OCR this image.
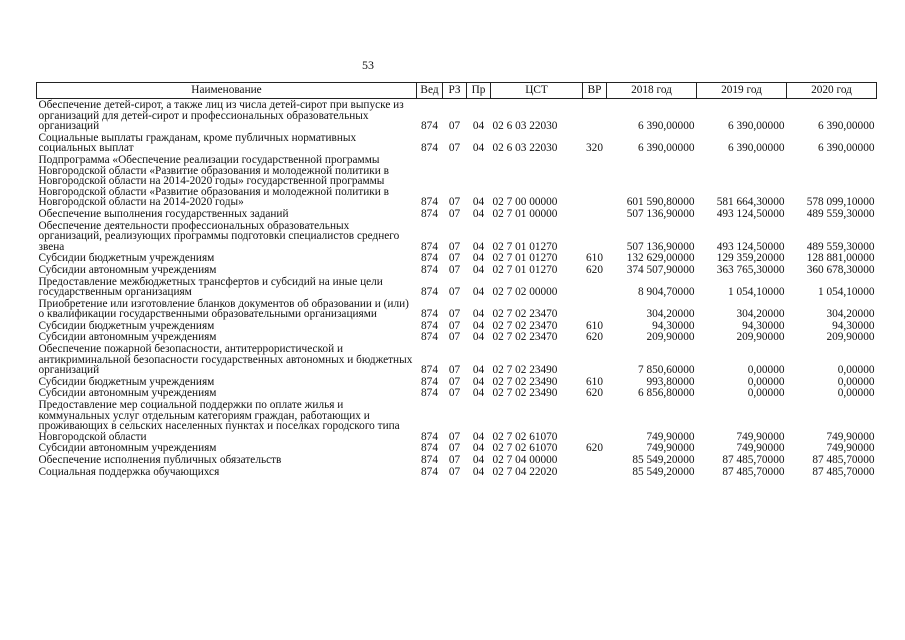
53
Наименование	Вед	РЗ	Пр	ЦСТ	ВР	2018 год	2019 год	2020 год
Обеспечение детей-сирот, а также лиц из числа детей-сирот при выпуске из организаций для детей-сирот и профессиональных образовательных организаций	874	07	04	02 6 03 22030		6 390,00000	6 390,00000	6 390,00000
Социальные выплаты гражданам, кроме публичных нормативных социальных выплат	874	07	04	02 6 03 22030	320	6 390,00000	6 390,00000	6 390,00000
Подпрограмма «Обеспечение реализации государственной программы Новгородской области «Развитие образования и молодежной политики в Новгородской области на 2014-2020 годы» государственной программы Новгородской области «Развитие образования и молодежной политики в Новгородской области на 2014-2020 годы»	874	07	04	02 7 00 00000		601 590,80000	581 664,30000	578 099,10000
Обеспечение выполнения государственных заданий	874	07	04	02 7 01 00000		507 136,90000	493 124,50000	489 559,30000
Обеспечение деятельности профессиональных образовательных организаций, реализующих программы подготовки специалистов среднего звена	874	07	04	02 7 01 01270		507 136,90000	493 124,50000	489 559,30000
Субсидии бюджетным учреждениям	874	07	04	02 7 01 01270	610	132 629,00000	129 359,20000	128 881,00000
Субсидии автономным учреждениям	874	07	04	02 7 01 01270	620	374 507,90000	363 765,30000	360 678,30000
Предоставление межбюджетных трансфертов и субсидий на иные цели государственным организациям	874	07	04	02 7 02 00000		8 904,70000	1 054,10000	1 054,10000
Приобретение или изготовление бланков документов об образовании и (или) о квалификации государственными образовательными организациями	874	07	04	02 7 02 23470		304,20000	304,20000	304,20000
Субсидии бюджетным учреждениям	874	07	04	02 7 02 23470	610	94,30000	94,30000	94,30000
Субсидии автономным учреждениям	874	07	04	02 7 02 23470	620	209,90000	209,90000	209,90000
Обеспечение пожарной безопасности, антитеррористической и антикриминальной безопасности государственных автономных и бюджетных организаций	874	07	04	02 7 02 23490		7 850,60000	0,00000	0,00000
Субсидии бюджетным учреждениям	874	07	04	02 7 02 23490	610	993,80000	0,00000	0,00000
Субсидии автономным учреждениям	874	07	04	02 7 02 23490	620	6 856,80000	0,00000	0,00000
Предоставление мер социальной поддержки по оплате жилья и коммунальных услуг отдельным категориям граждан, работающих и проживающих в сельских населенных пунктах и поселках городского типа Новгородской области	874	07	04	02 7 02 61070		749,90000	749,90000	749,90000
Субсидии автономным учреждениям	874	07	04	02 7 02 61070	620	749,90000	749,90000	749,90000
Обеспечение исполнения публичных обязательств	874	07	04	02 7 04 00000		85 549,20000	87 485,70000	87 485,70000
Социальная поддержка обучающихся	874	07	04	02 7 04 22020		85 549,20000	87 485,70000	87 485,70000
